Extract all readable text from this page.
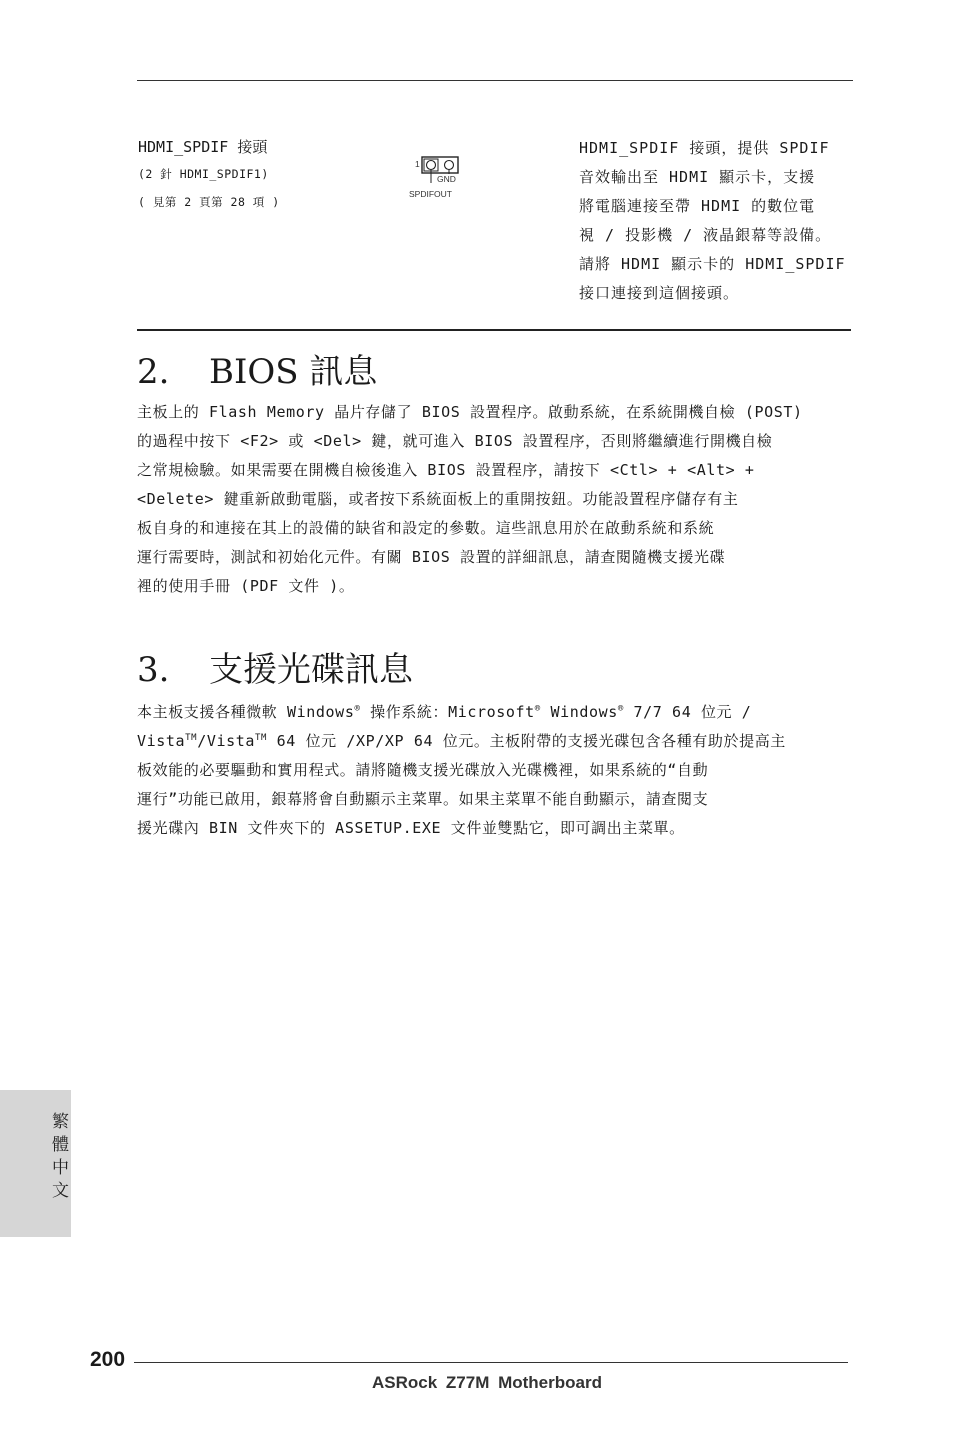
HDMI_SPDIF 接頭
(2 針 HDMI_SPDIF1)
( 見第 2 頁第 28 項 )
1
GND
SPDIFOUT
HDMI_SPDIF 接頭，提供 SPDIF
音效輸出至 HDMI 顯示卡，支援
將電腦連接至帶 HDMI 的數位電
視 / 投影機 / 液晶銀幕等設備。
請將 HDMI 顯示卡的 HDMI_SPDIF
接口連接到這個接頭。
2. BIOS 訊息
主板上的 Flash Memory 晶片存儲了 BIOS 設置程序。啟動系統，在系統開機自檢 (POST)
的過程中按下 <F2> 或 <Del> 鍵，就可進入 BIOS 設置程序，否則將繼續進行開機自檢
之常規檢驗。如果需要在開機自檢後進入 BIOS 設置程序，請按下 <Ctl> + <Alt> +
<Delete> 鍵重新啟動電腦，或者按下系統面板上的重開按鈕。功能設置程序儲存有主
板自身的和連接在其上的設備的缺省和設定的參數。這些訊息用於在啟動系統和系統
運行需要時，測試和初始化元件。有關 BIOS 設置的詳細訊息，請查閱隨機支援光碟
裡的使用手冊 (PDF 文件 )。
3. 支援光碟訊息
本主板支援各種微軟 Windows® 操作系統：Microsoft® Windows® 7/7 64 位元 /
Vista™/Vista™ 64 位元 /XP/XP 64 位元。主板附帶的支援光碟包含各種有助於提高主
板效能的必要驅動和實用程式。請將隨機支援光碟放入光碟機裡，如果系統的“自動
運行”功能已啟用，銀幕將會自動顯示主菜單。如果主菜單不能自動顯示，請查閱支
援光碟內 BIN 文件夾下的 ASSETUP.EXE 文件並雙點它，即可調出主菜單。
繁體中文
200
ASRock Z77M Motherboard
